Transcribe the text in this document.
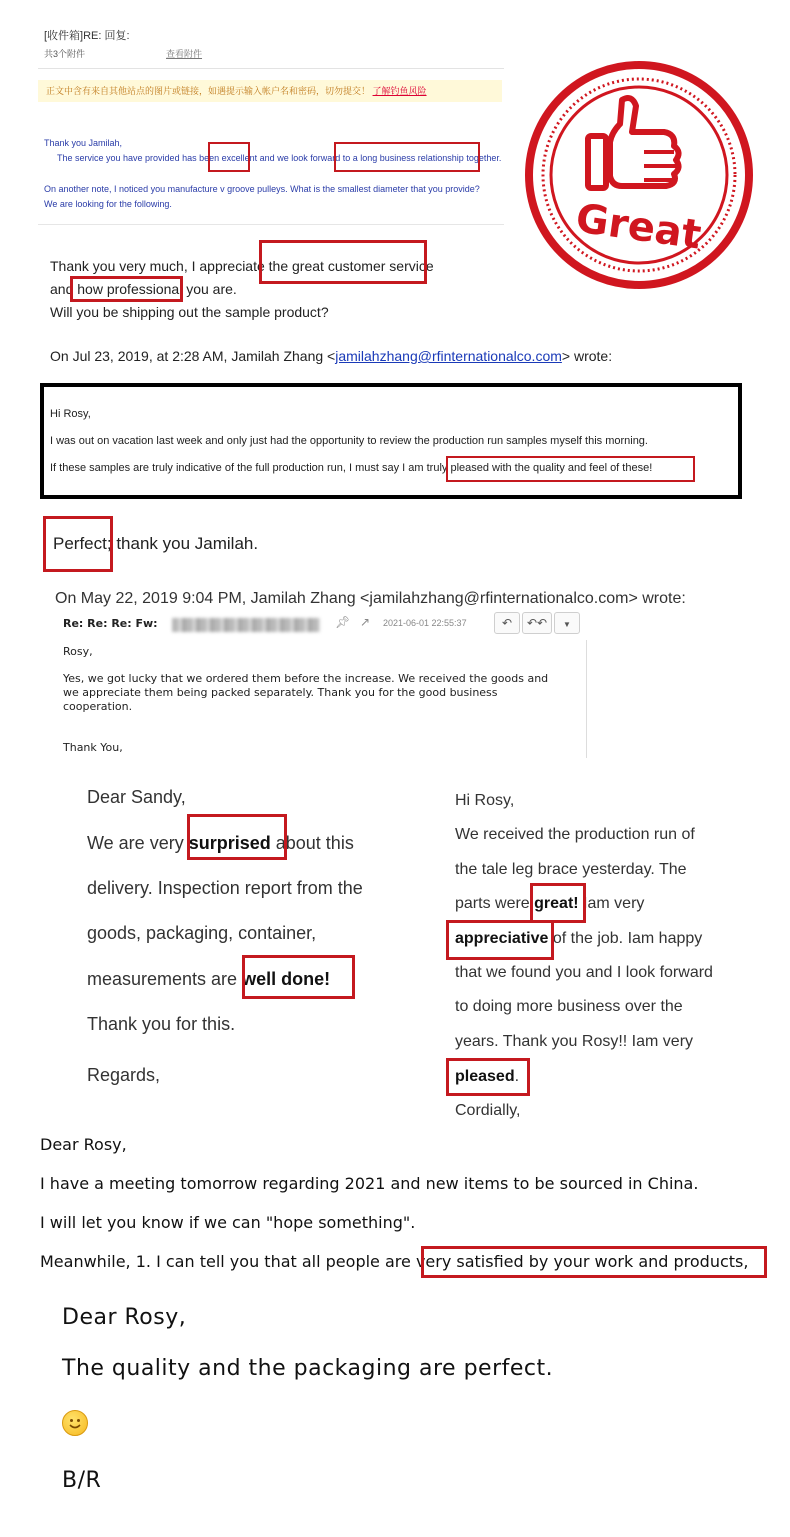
[收件箱]RE: 回复:
共3个附件	查看附件
正文中含有来自其他站点的图片或链接，如遇提示输入帐户名和密码，切勿提交！ 了解钓鱼风险
Thank you Jamilah,
The service you have provided has been excellent and we look forward to a long business relationship together.
On another note, I noticed you manufacture v groove pulleys. What is the smallest diameter that you provide?
We are looking for the following.	Great
Thank you very much, I appreciate the great customer service
and how professional you are.
Will you be shipping out the sample product?
On Jul 23, 2019, at 2:28 AM, Jamilah Zhang <jamilahzhang@rfinternationalco.com> wrote:
Hi Rosy,
I was out on vacation last week and only just had the opportunity to review the production run samples myself this morning.
If these samples are truly indicative of the full production run, I must say I am truly pleased with the quality and feel of these!
Perfect; thank you Jamilah.
On May 22, 2019 9:04 PM, Jamilah Zhang <jamilahzhang@rfinternationalco.com> wrote:
Re: Re: Re: Fw:	📌︎ ↗ 2021-06-01 22:55:37	↶	↶↶	▼
Rosy,
Yes, we got lucky that we ordered them before the increase. We received the goods and
we appreciate them being packed separately. Thank you for the good business
cooperation.
Thank You,
Dear Sandy,
We are very surprised about this
delivery. Inspection report from the
goods, packaging, container,
measurements are well done!
Thank you for this.
Regards,
Hi Rosy,
We received the production run of
the tale leg brace yesterday. The
parts were great! Iam very
appreciative of the job. Iam happy
that we found you and I look forward
to doing more business over the
years. Thank you Rosy!! Iam very
pleased.
Cordially,
Dear Rosy,
I have a meeting tomorrow regarding 2021 and new items to be sourced in China.
I will let you know if we can "hope something".
Meanwhile, 1. I can tell you that all people are very satisfied by your work and products,
Dear Rosy,
The quality and the packaging are perfect.
B/R
